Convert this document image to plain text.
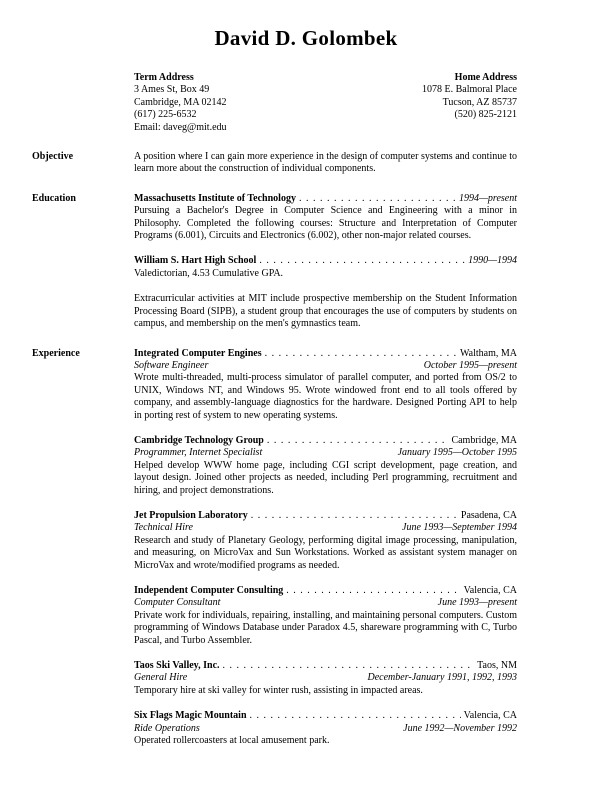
David D. Golombek
Term Address
3 Ames St, Box 49
Cambridge, MA 02142
(617) 225-6532
Email: daveg@mit.edu
Home Address
1078 E. Balmoral Place
Tucson, AZ 85737
(520) 825-2121
Objective	A position where I can gain more experience in the design of computer systems and continue to learn more about the construction of individual components.

Education	Massachusetts Institute of Technology . . .	1994—present

Pursuing a Bachelor's Degree in Computer Science and Engineering with a minor in Philosophy. Completed the following courses: Structure and Interpretation of Computer Programs (6.001), Circuits and Electronics (6.002), other non-major related courses.

William S. Hart High School . . .	1990—1994

Valedictorian, 4.53 Cumulative GPA.

Extracurricular activities at MIT include prospective membership on the Student Information Processing Board (SIPB), a student group that encourages the use of computers by students on campus, and membership on the men's gymnastics team.

Experience	Integrated Computer Engines . . .	Waltham, MA
Software Engineer	October 1995—present

Wrote multi-threaded, multi-process simulator of parallel computer, and ported from OS/2 to UNIX, Windows NT, and Windows 95. Wrote windowed front end to all tools offered by company, and assembly-language diagnostics for the hardware. Designed Porting API to help in porting rest of system to new operating systems.

Cambridge Technology Group . . .	Cambridge, MA
Programmer, Internet Specialist	January 1995—October 1995

Helped develop WWW home page, including CGI script development, page creation, and layout design. Joined other projects as needed, including Perl programming, recruitment and hiring, and project demonstrations.

Jet Propulsion Laboratory . . .	Pasadena, CA
Technical Hire	June 1993—September 1994

Research and study of Planetary Geology, performing digital image processing, manipulation, and measuring, on MicroVax and Sun Workstations. Worked as assistant system manager on MicroVax and wrote/modified programs as needed.

Independent Computer Consulting . . .	Valencia, CA
Computer Consultant	June 1993—present

Private work for individuals, repairing, installing, and maintaining personal computers. Custom programming of Windows Database under Paradox 4.5, shareware programming with C, Turbo Pascal, and Turbo Assembler.

Taos Ski Valley, Inc. . . .	Taos, NM
General Hire	December-January 1991, 1992, 1993

Temporary hire at ski valley for winter rush, assisting in impacted areas.

Six Flags Magic Mountain . . .	Valencia, CA
Ride Operations	June 1992—November 1992

Operated rollercoasters at local amusement park.
